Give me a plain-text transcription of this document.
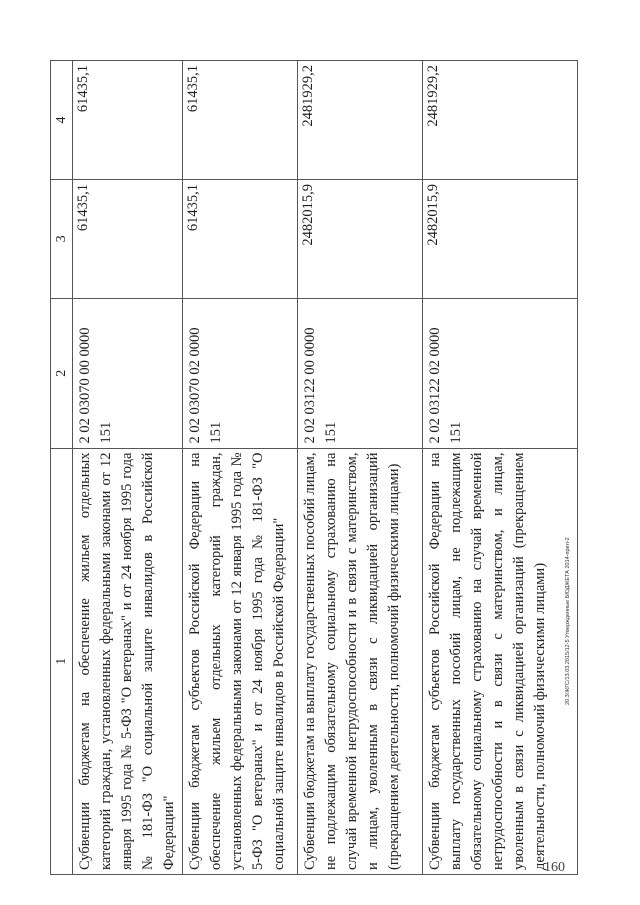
1	2	3	4
Субвенции бюджетам на обеспечение жильем отдельных категорий граждан, установленных федеральными законами от 12 января 1995 года № 5-ФЗ "О ветеранах" и от 24 ноября 1995 года № 181-ФЗ "О социальной защите инвалидов в Российской Федерации"	2 02 03070 00 0000 151	61435,1	61435,1
Субвенции бюджетам субъектов Российской Федерации на обеспечение жильем отдельных категорий граждан, установленных федеральными законами от 12 января 1995 года № 5-ФЗ "О ветеранах" и от 24 ноября 1995 года № 181-ФЗ "О социальной защите инвалидов в Российской Федерации"	2 02 03070 02 0000 151	61435,1	61435,1
Субвенции бюджетам на выплату государственных пособий лицам, не подлежащим обязательному социальному страхованию на случай временной нетрудоспособности и в связи с материнством, и лицам, уволенным в связи с ликвидацией организаций (прекращением деятельности, полномочий физическими лицами)	2 02 03122 00 0000 151	2482015,9	2481929,2
Субвенции бюджетам субъектов Российской Федерации на выплату государственных пособий лицам, не подлежащим обязательному социальному страхованию на случай временной нетрудоспособности и в связи с материнством, и лицам, уволенным в связи с ликвидацией организаций (прекращением деятельности, полномочий физическими лицами)	2 02 03122 02 0000 151	2482015,9	2481929,2
20.3/ЖГС/13.03.2015/12-5 Утвержденные БЮДЖЕТА 2014-прил-2
160
